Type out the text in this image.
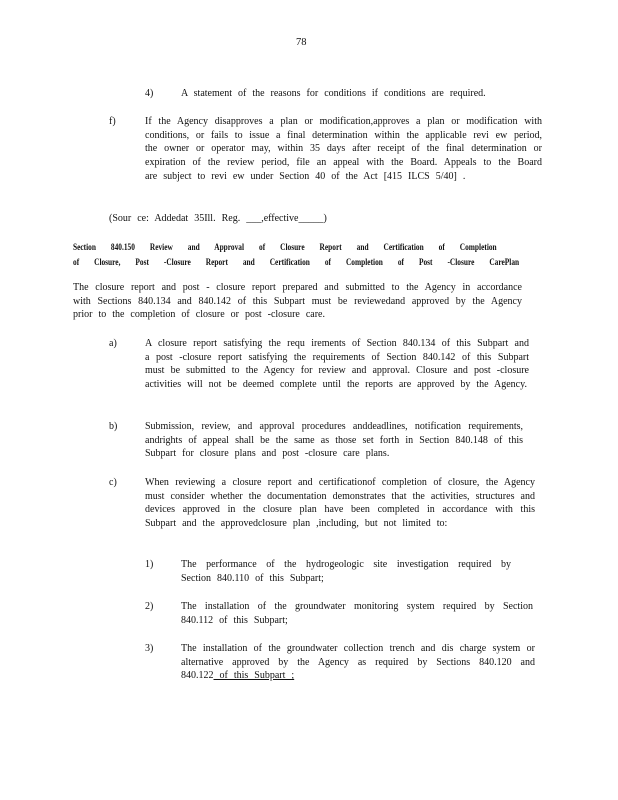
78
4)	A statement of the reasons for conditions if conditions are required.
f)	If the Agency disapproves a plan or modification,approves a plan or modification with conditions, or fails to issue a final determination within the applicable revi ew period, the owner or operator may, within 35 days after receipt of the final determination or expiration of the review period, file an appeal with the Board. Appeals to the Board are subject to revi ew under Section 40 of the Act [415 ILCS 5/40] .
(Sour ce: Addedat 35Ill. Reg. ___,effective_____)
Section 840.150 Review and Approval of Closure Report and Certification of Completion
of Closure, Post -Closure Report and Certification of Completion of Post -Closure CarePlan
The closure report and post - closure report prepared and submitted to the Agency in accordance with Sections 840.134 and 840.142 of this Subpart must be reviewedand approved by the Agency prior to the completion of closure or post -closure care.
a)	A closure report satisfying the requ irements of Section 840.134 of this Subpart and a post -closure report satisfying the requirements of Section 840.142 of this Subpart must be submitted to the Agency for review and approval. Closure and post -closure activities will not be deemed complete until the reports are approved by the Agency.
b)	Submission, review, and approval procedures anddeadlines, notification requirements, andrights of appeal shall be the same as those set forth in Section 840.148 of this Subpart for closure plans and post -closure care plans.
c)	When reviewing a closure report and certificationof completion of closure, the Agency must consider whether the documentation demonstrates that the activities, structures and devices approved in the closure plan have been completed in accordance with this Subpart and the approvedclosure plan ,including, but not limited to:
1)	The performance of the hydrogeologic site investigation required by Section 840.110 of this Subpart;
2)	The installation of the groundwater monitoring system required by Section 840.112 of this Subpart;
3)	The installation of the groundwater collection trench and dis charge system or alternative approved by the Agency as required by Sections 840.120 and 840.122 of this Subpart ;
